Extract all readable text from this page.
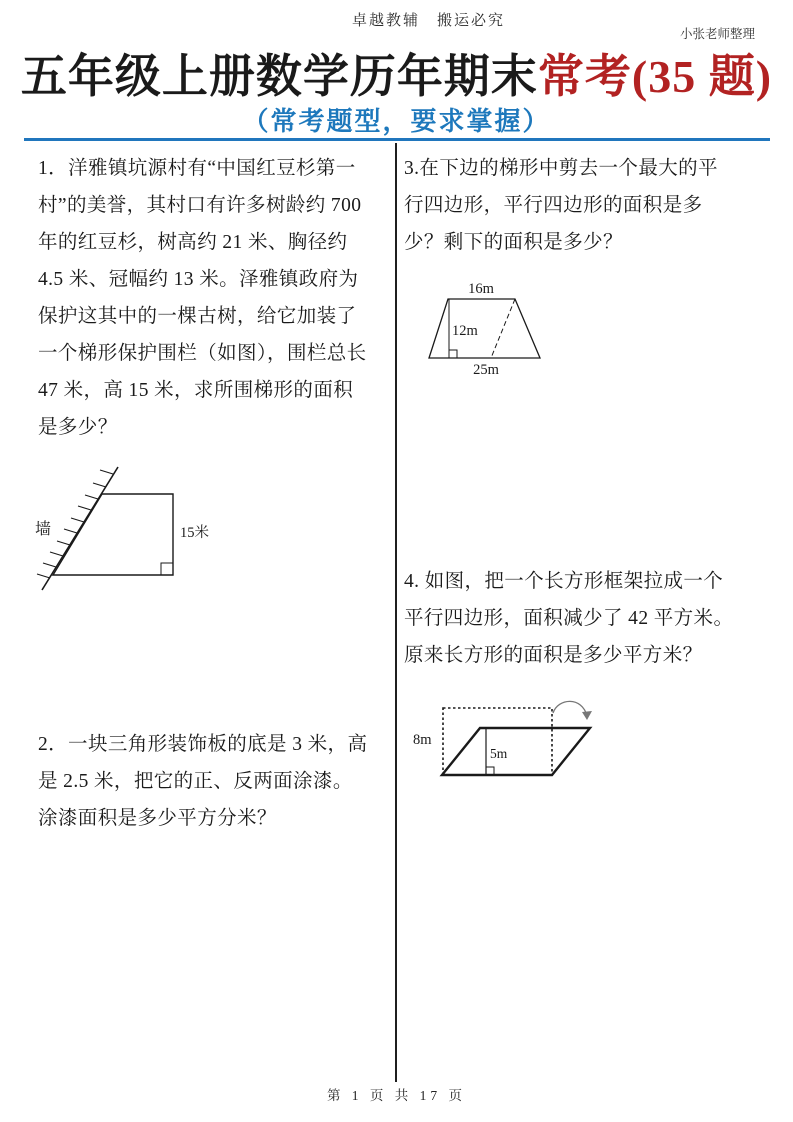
卓越教辅　搬运必究
小张老师整理
五年级上册数学历年期末常考(35 题)
（常考题型，要求掌握）
1．洋雅镇坑源村有“中国红豆杉第一
村”的美誉，其村口有许多树龄约 700
年的红豆杉，树高约 21 米、胸径约
4.5 米、冠幅约 13 米。泽雅镇政府为
保护这其中的一棵古树，给它加装了
一个梯形保护围栏（如图），围栏总长
47 米，高 15 米，求所围梯形的面积
是多少？
墙	15米
2．一块三角形装饰板的底是 3 米，高
是 2.5 米，把它的正、反两面涂漆。
涂漆面积是多少平方分米？
3.在下边的梯形中剪去一个最大的平
行四边形，平行四边形的面积是多
少？剩下的面积是多少？
16m
12m
25m
4. 如图，把一个长方形框架拉成一个
平行四边形，面积减少了 42 平方米。
原来长方形的面积是多少平方米？
8m
5m
第 1 页 共 17 页
